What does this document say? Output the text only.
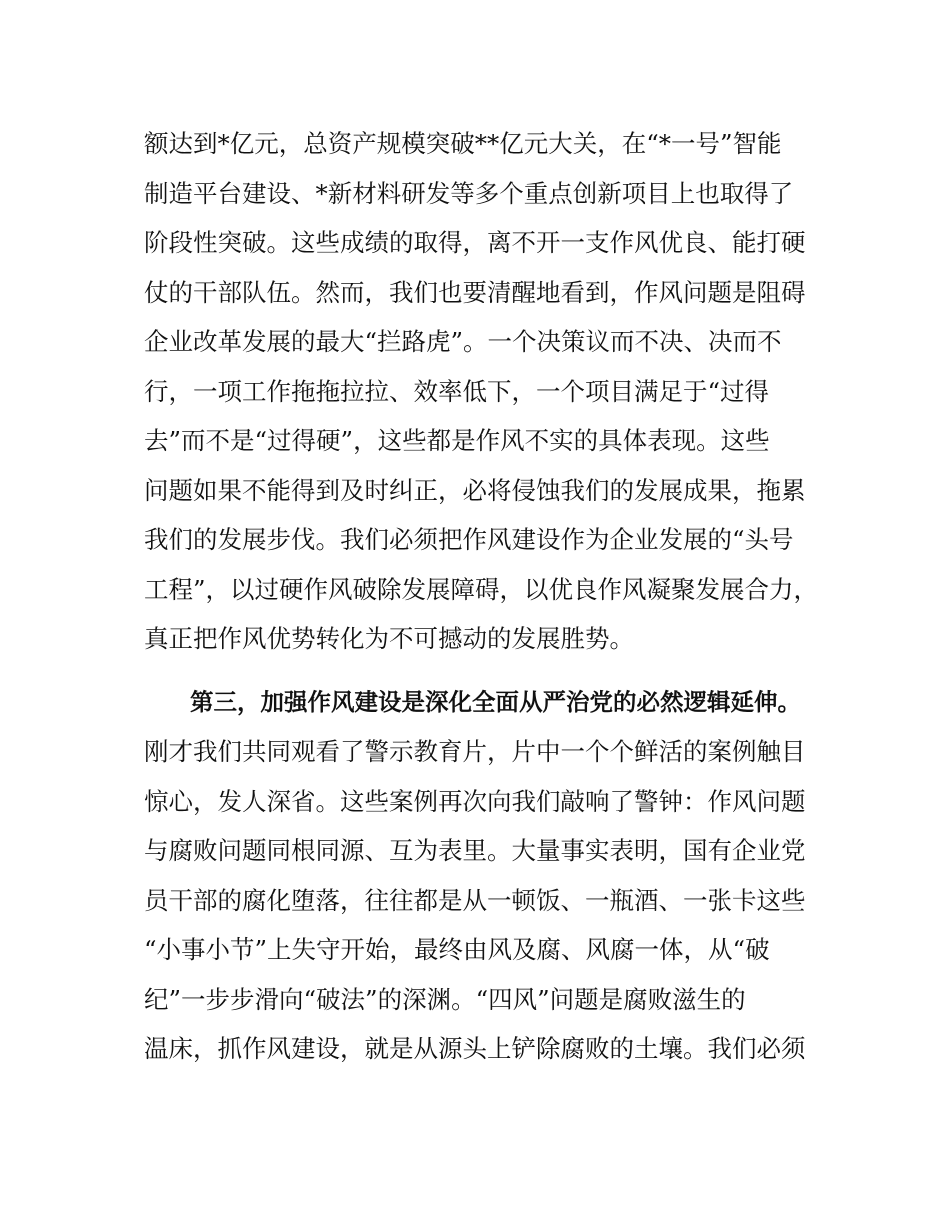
额达到*亿元，总资产规模突破**亿元大关，在“*一号”智能
制造平台建设、*新材料研发等多个重点创新项目上也取得了
阶段性突破。这些成绩的取得，离不开一支作风优良、能打硬
仗的干部队伍。然而，我们也要清醒地看到，作风问题是阻碍
企业改革发展的最大“拦路虎”。一个决策议而不决、决而不
行，一项工作拖拖拉拉、效率低下，一个项目满足于“过得
去”而不是“过得硬”，这些都是作风不实的具体表现。这些
问题如果不能得到及时纠正，必将侵蚀我们的发展成果，拖累
我们的发展步伐。我们必须把作风建设作为企业发展的“头号
工程”，以过硬作风破除发展障碍，以优良作风凝聚发展合力，
真正把作风优势转化为不可撼动的发展胜势。
第三，加强作风建设是深化全面从严治党的必然逻辑延伸。
刚才我们共同观看了警示教育片，片中一个个鲜活的案例触目
惊心，发人深省。这些案例再次向我们敲响了警钟：作风问题
与腐败问题同根同源、互为表里。大量事实表明，国有企业党
员干部的腐化堕落，往往都是从一顿饭、一瓶酒、一张卡这些
“小事小节”上失守开始，最终由风及腐、风腐一体，从“破
纪”一步步滑向“破法”的深渊。“四风”问题是腐败滋生的
温床，抓作风建设，就是从源头上铲除腐败的土壤。我们必须
